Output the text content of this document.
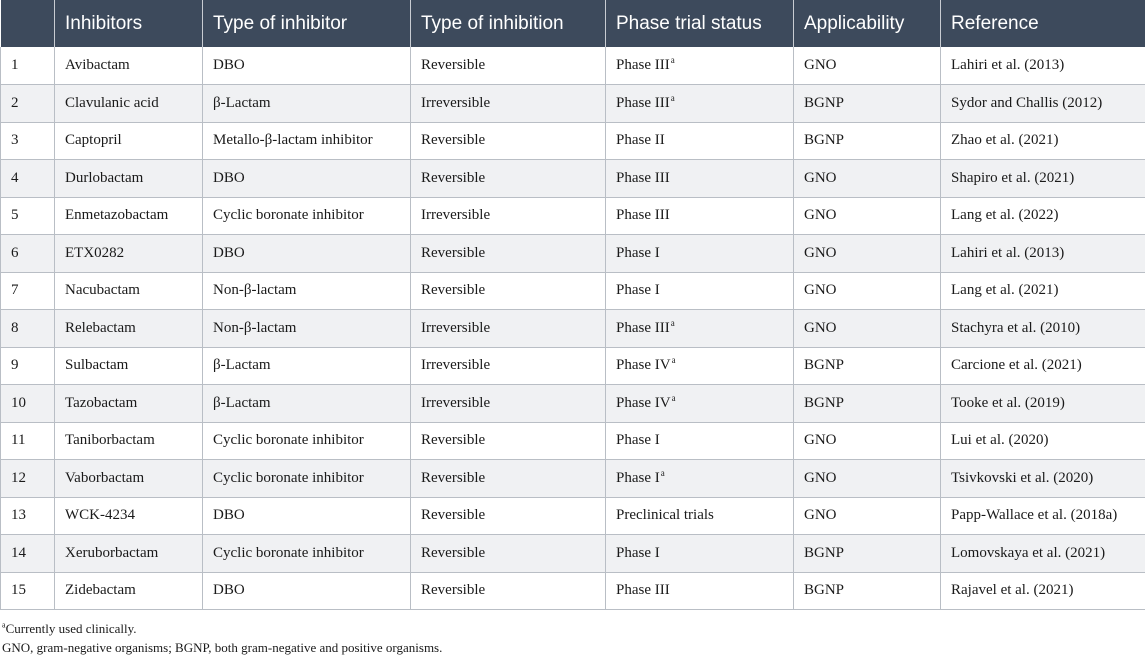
	Inhibitors	Type of inhibitor	Type of inhibition	Phase trial status	Applicability	Reference
1	Avibactam	DBO	Reversible	Phase III$^a$	GNO	Lahiri et al. (2013)
2	Clavulanic acid	β-Lactam	Irreversible	Phase III$^a$	BGNP	Sydor and Challis (2012)
3	Captopril	Metallo-β-lactam inhibitor	Reversible	Phase II	BGNP	Zhao et al. (2021)
4	Durlobactam	DBO	Reversible	Phase III	GNO	Shapiro et al. (2021)
5	Enmetazobactam	Cyclic boronate inhibitor	Irreversible	Phase III	GNO	Lang et al. (2022)
6	ETX0282	DBO	Reversible	Phase I	GNO	Lahiri et al. (2013)
7	Nacubactam	Non-β-lactam	Reversible	Phase I	GNO	Lang et al. (2021)
8	Relebactam	Non-β-lactam	Irreversible	Phase III$^a$	GNO	Stachyra et al. (2010)
9	Sulbactam	β-Lactam	Irreversible	Phase $IV^a$	BGNP	Carcione et al. (2021)
10	Tazobactam	β-Lactam	Irreversible	Phase $IV^a$	BGNP	Tooke et al. (2019)
11	Taniborbactam	Cyclic boronate inhibitor	Reversible	Phase I	GNO	Lui et al. (2020)
12	Vaborbactam	Cyclic boronate inhibitor	Reversible	Phase $I^a$	GNO	Tsivkovski et al. (2020)
13	WCK-4234	DBO	Reversible	Preclinical trials	GNO	Papp-Wallace et al. (2018a)
14	Xeruborbactam	Cyclic boronate inhibitor	Reversible	Phase I	BGNP	Lomovskaya et al. (2021)
15	Zidebactam	DBO	Reversible	Phase III	BGNP	Rajavel et al. (2021)
$^a$Currently used clinically.
GNO, gram-negative organisms; BGNP, both gram-negative and positive organisms.
